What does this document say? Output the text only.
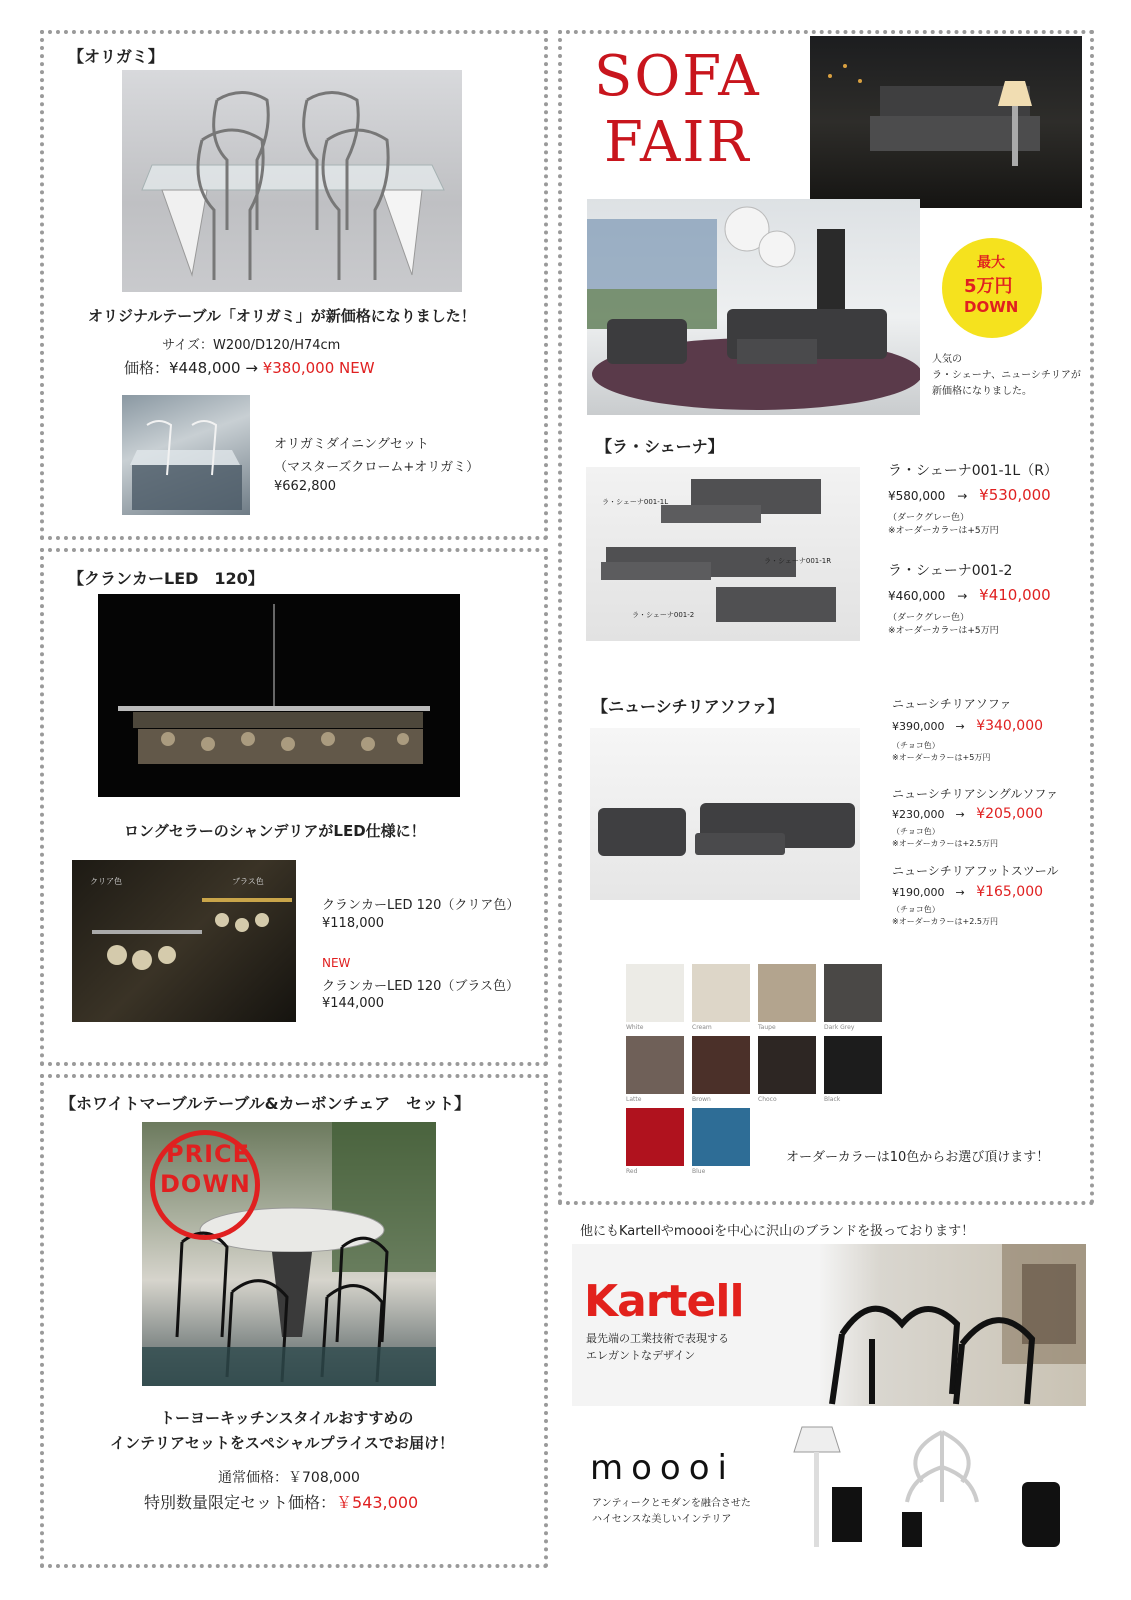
【オリガミ】
オリジナルテーブル「オリガミ」が新価格になりました！
サイズ：W200/D120/H74cm
価格：¥448,000 → ¥380,000 NEW
オリガミダイニングセット
（マスターズクローム+オリガミ）
¥662,800
【クランカーLED　120】
ロングセラーのシャンデリアがLED仕様に！
クリア色	ブラス色
クランカーLED 120（クリア色）
¥118,000
NEW
クランカーLED 120（ブラス色）
¥144,000
【ホワイトマーブルテーブル&カーボンチェア　セット】
PRICE
DOWN
トーヨーキッチンスタイルおすすめの
インテリアセットをスペシャルプライスでお届け！
通常価格：￥708,000
特別数量限定セット価格：￥543,000
SOFA
FAIR
最大
5万円
DOWN
人気の
ラ・シェーナ、ニューシチリアが
新価格になりました。
【ラ・シェーナ】
ラ・シェーナ001-1L
ラ・シェーナ001-1R
ラ・シェーナ001-2
ラ・シェーナ001-1L（R）
¥580,000　→ ¥530,000
（ダークグレー色）
※オーダーカラーは+5万円
ラ・シェーナ001-2
¥460,000　→ ¥410,000
（ダークグレー色）
※オーダーカラーは+5万円
【ニューシチリアソファ】	ニューシチリアソファ
¥390,000　→ ¥340,000
（チョコ色）
※オーダーカラーは+5万円
ニューシチリアシングルソファ
¥230,000　→ ¥205,000
（チョコ色）
※オーダーカラーは+2.5万円
ニューシチリアフットスツール
¥190,000　→ ¥165,000
（チョコ色）
※オーダーカラーは+2.5万円
White	Cream	Taupe	Dark Grey
Latte	Brown	Choco	Black
Red	Blue
オーダーカラーは10色からお選び頂けます！
他にもKartellやmoooiを中心に沢山のブランドを扱っております！
Kartell
最先端の工業技術で表現する
エレガントなデザイン
moooi
アンティークとモダンを融合させた
ハイセンスな美しいインテリア
